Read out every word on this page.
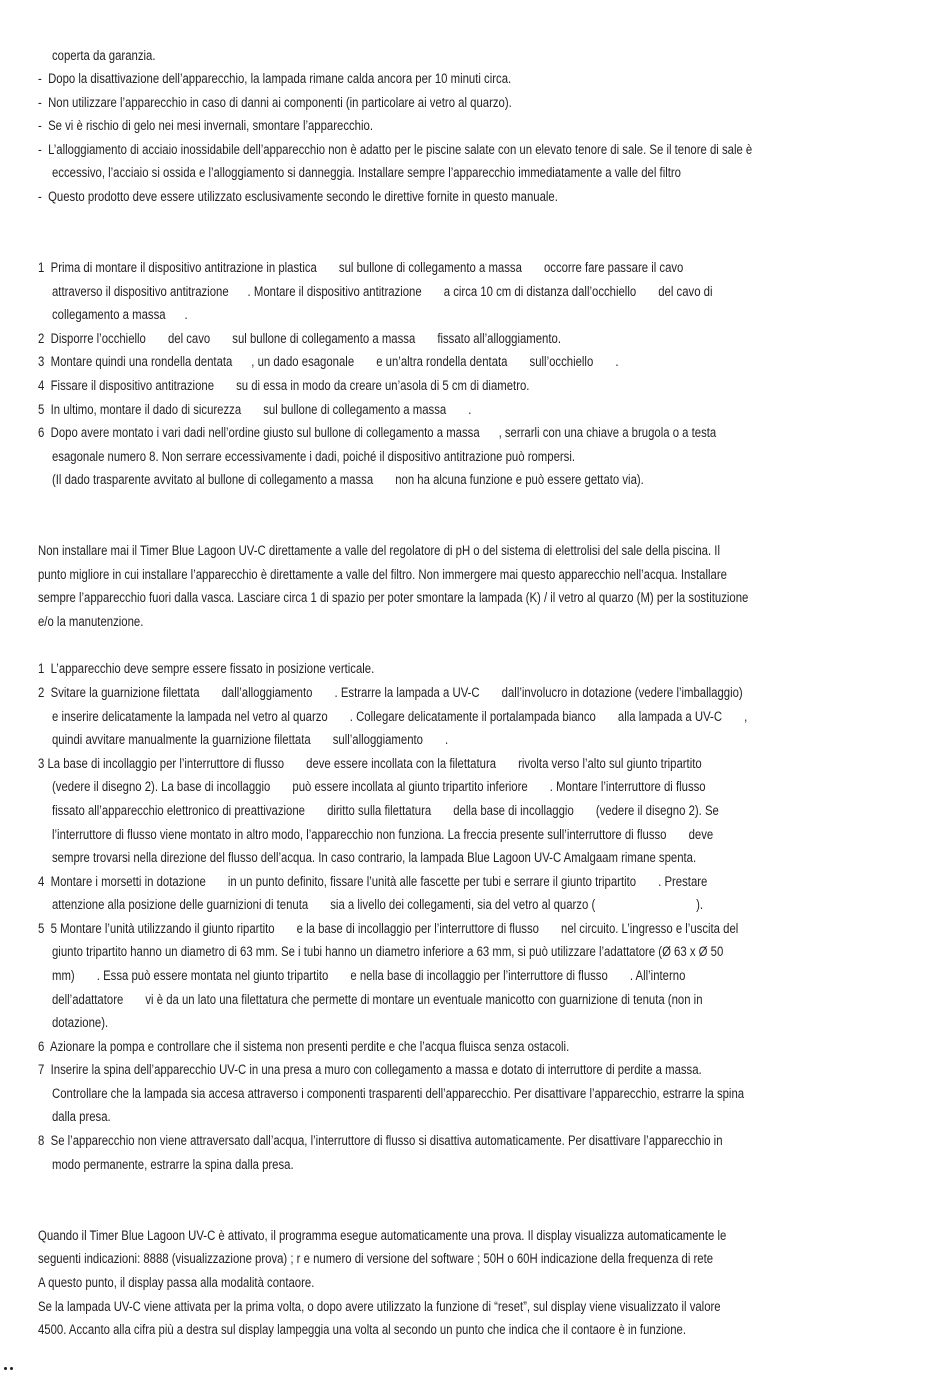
coperta da garanzia.

-  Dopo la disattivazione dell’apparecchio, la lampada rimane calda ancora per 10 minuti circa.

-  Non utilizzare l’apparecchio in caso di danni ai componenti (in particolare ai vetro al quarzo).

-  Se vi è rischio di gelo nei mesi invernali, smontare l’apparecchio.

-  L’alloggiamento di acciaio inossidabile dell’apparecchio non è adatto per le piscine salate con un elevato tenore di sale. Se il tenore di sale è

eccessivo, l’acciaio si ossida e l’alloggiamento si danneggia. Installare sempre l’apparecchio immediatamente a valle del filtro

-  Questo prodotto deve essere utilizzato esclusivamente secondo le direttive fornite in questo manuale.

1  Prima di montare il dispositivo antitrazione in plastica       sul bullone di collegamento a massa       occorre fare passare il cavo

attraverso il dispositivo antitrazione      . Montare il dispositivo antitrazione       a circa 10 cm di distanza dall’occhiello       del cavo di

collegamento a massa      .

2  Disporre l’occhiello       del cavo       sul bullone di collegamento a massa       fissato all’alloggiamento.

3  Montare quindi una rondella dentata      , un dado esagonale       e un’altra rondella dentata       sull’occhiello       .

4  Fissare il dispositivo antitrazione       su di essa in modo da creare un’asola di 5 cm di diametro.

5  In ultimo, montare il dado di sicurezza       sul bullone di collegamento a massa       .

6  Dopo avere montato i vari dadi nell’ordine giusto sul bullone di collegamento a massa      , serrarli con una chiave a brugola o a testa

esagonale numero 8. Non serrare eccessivamente i dadi, poiché il dispositivo antitrazione può rompersi.

(Il dado trasparente avvitato al bullone di collegamento a massa       non ha alcuna funzione e può essere gettato via).

Non installare mai il Timer Blue Lagoon UV-C direttamente a valle del regolatore di pH o del sistema di elettrolisi del sale della piscina. Il

punto migliore in cui installare l’apparecchio è direttamente a valle del filtro. Non immergere mai questo apparecchio nell’acqua. Installare

sempre l’apparecchio fuori dalla vasca. Lasciare circa 1 di spazio per poter smontare la lampada (K) / il vetro al quarzo (M) per la sostituzione

e/o la manutenzione.

1  L’apparecchio deve sempre essere fissato in posizione verticale.

2  Svitare la guarnizione filettata       dall’alloggiamento       . Estrarre la lampada a UV-C       dall’involucro in dotazione (vedere l’imballaggio)

e inserire delicatamente la lampada nel vetro al quarzo       . Collegare delicatamente il portalampada bianco       alla lampada a UV-C       ,

quindi avvitare manualmente la guarnizione filettata       sull’alloggiamento       .

3 La base di incollaggio per l’interruttore di flusso       deve essere incollata con la filettatura       rivolta verso l’alto sul giunto tripartito

(vedere il disegno 2). La base di incollaggio       può essere incollata al giunto tripartito inferiore       . Montare l’interruttore di flusso

fissato all’apparecchio elettronico di preattivazione       diritto sulla filettatura       della base di incollaggio       (vedere il disegno 2). Se

l’interruttore di flusso viene montato in altro modo, l’apparecchio non funziona. La freccia presente sull’interruttore di flusso       deve

sempre trovarsi nella direzione del flusso dell’acqua. In caso contrario, la lampada Blue Lagoon UV-C Amalgaam rimane spenta.

4  Montare i morsetti in dotazione       in un punto definito, fissare l’unità alle fascette per tubi e serrare il giunto tripartito       . Prestare

attenzione alla posizione delle guarnizioni di tenuta       sia a livello dei collegamenti, sia del vetro al quarzo (                                ).

5  5 Montare l’unità utilizzando il giunto ripartito       e la base di incollaggio per l’interruttore di flusso       nel circuito. L’ingresso e l’uscita del

giunto tripartito hanno un diametro di 63 mm. Se i tubi hanno un diametro inferiore a 63 mm, si può utilizzare l’adattatore (Ø 63 x Ø 50

mm)       . Essa può essere montata nel giunto tripartito       e nella base di incollaggio per l’interruttore di flusso       . All’interno

dell’adattatore       vi è da un lato una filettatura che permette di montare un eventuale manicotto con guarnizione di tenuta (non in

dotazione).

6  Azionare la pompa e controllare che il sistema non presenti perdite e che l’acqua fluisca senza ostacoli.

7  Inserire la spina dell’apparecchio UV-C in una presa a muro con collegamento a massa e dotato di interruttore di perdite a massa.

Controllare che la lampada sia accesa attraverso i componenti trasparenti dell’apparecchio. Per disattivare l’apparecchio, estrarre la spina

dalla presa.

8  Se l’apparecchio non viene attraversato dall’acqua, l’interruttore di flusso si disattiva automaticamente. Per disattivare l’apparecchio in

modo permanente, estrarre la spina dalla presa.

Quando il Timer Blue Lagoon UV-C è attivato, il programma esegue automaticamente una prova. Il display visualizza automaticamente le

seguenti indicazioni: 8888 (visualizzazione prova) ; r e numero di versione del software ; 50H o 60H indicazione della frequenza di rete

A questo punto, il display passa alla modalità contaore.

Se la lampada UV-C viene attivata per la prima volta, o dopo avere utilizzato la funzione di “reset”, sul display viene visualizzato il valore

4500. Accanto alla cifra più a destra sul display lampeggia una volta al secondo un punto che indica che il contaore è in funzione.
